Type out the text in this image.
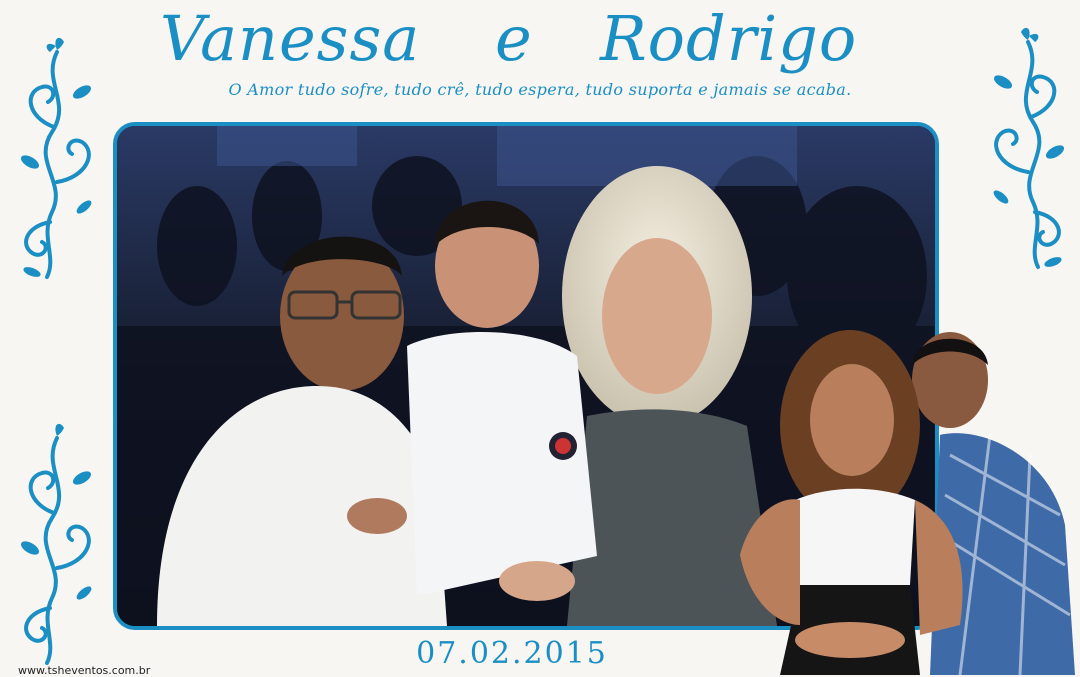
Vanessa e Rodrigo
O Amor tudo sofre, tudo crê, tudo espera, tudo suporta e jamais se acaba.
07.02.2015
www.tsheventos.com.br
